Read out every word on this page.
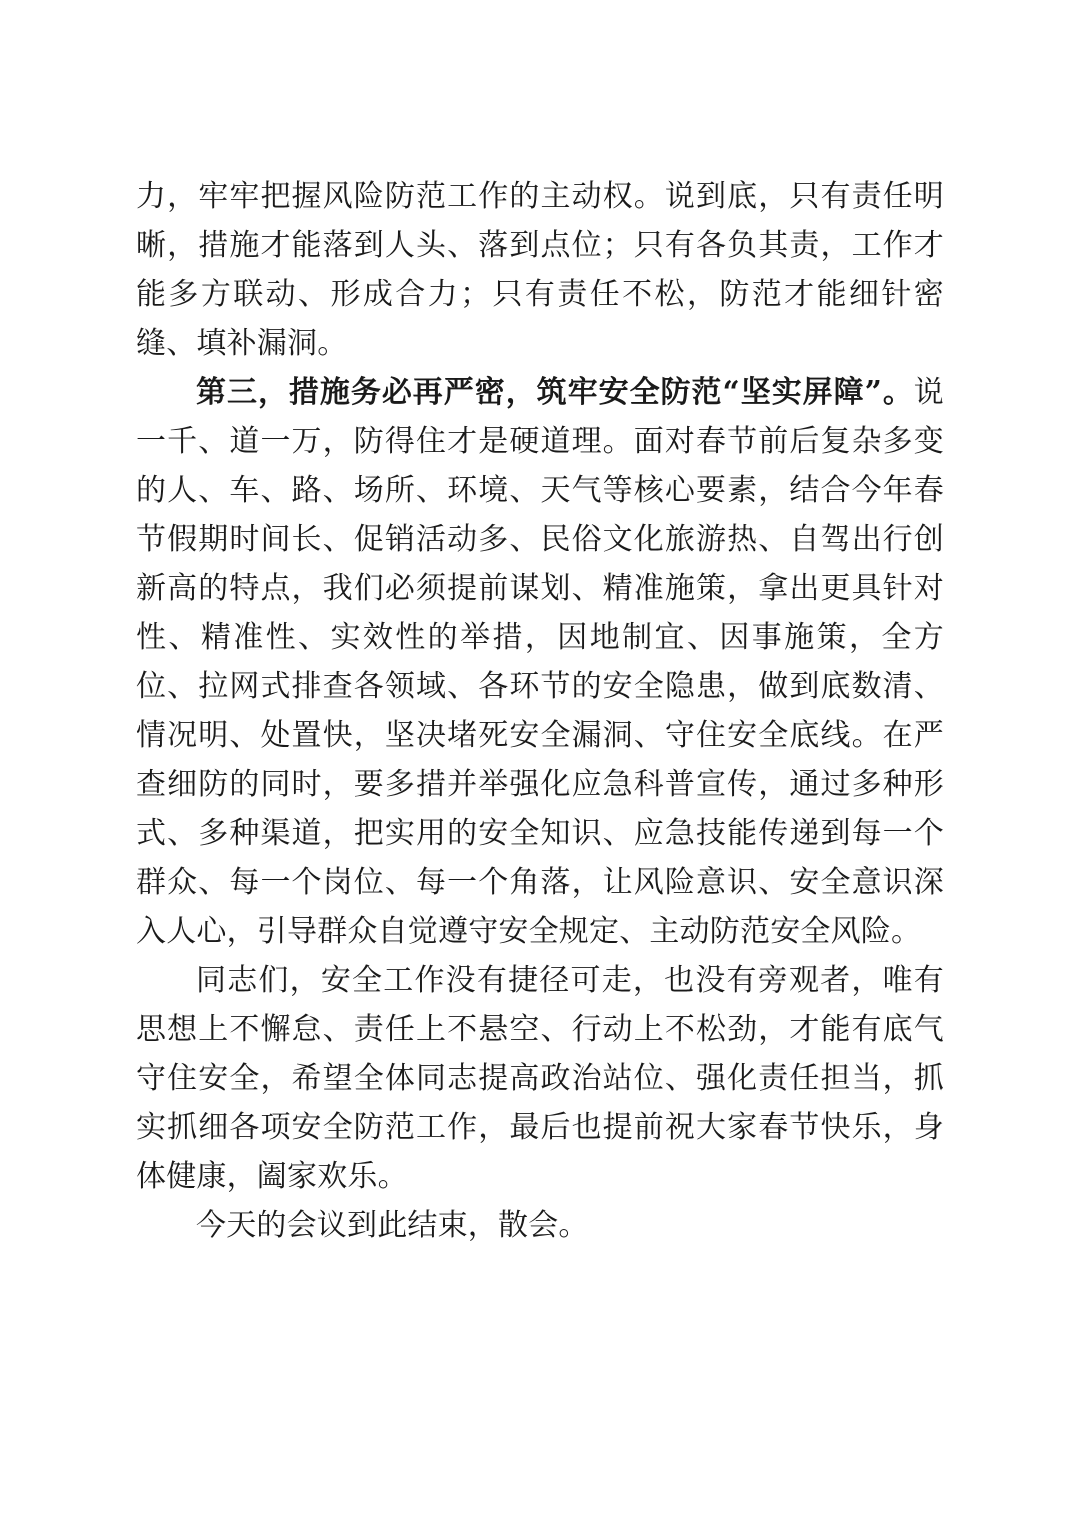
力，牢牢把握风险防范工作的主动权。说到底，只有责任明晰，措施才能落到人头、落到点位；只有各负其责，工作才能多方联动、形成合力；只有责任不松，防范才能细针密缝、填补漏洞。

第三，措施务必再严密，筑牢安全防范“坚实屏障”。说一千、道一万，防得住才是硬道理。面对春节前后复杂多变的人、车、路、场所、环境、天气等核心要素，结合今年春节假期时间长、促销活动多、民俗文化旅游热、自驾出行创新高的特点，我们必须提前谋划、精准施策，拿出更具针对性、精准性、实效性的举措，因地制宜、因事施策，全方位、拉网式排查各领域、各环节的安全隐患，做到底数清、情况明、处置快，坚决堵死安全漏洞、守住安全底线。在严查细防的同时，要多措并举强化应急科普宣传，通过多种形式、多种渠道，把实用的安全知识、应急技能传递到每一个群众、每一个岗位、每一个角落，让风险意识、安全意识深入人心，引导群众自觉遵守安全规定、主动防范安全风险。

同志们，安全工作没有捷径可走，也没有旁观者，唯有思想上不懈怠、责任上不悬空、行动上不松劲，才能有底气守住安全，希望全体同志提高政治站位、强化责任担当，抓实抓细各项安全防范工作，最后也提前祝大家春节快乐，身体健康，阖家欢乐。

今天的会议到此结束，散会。
